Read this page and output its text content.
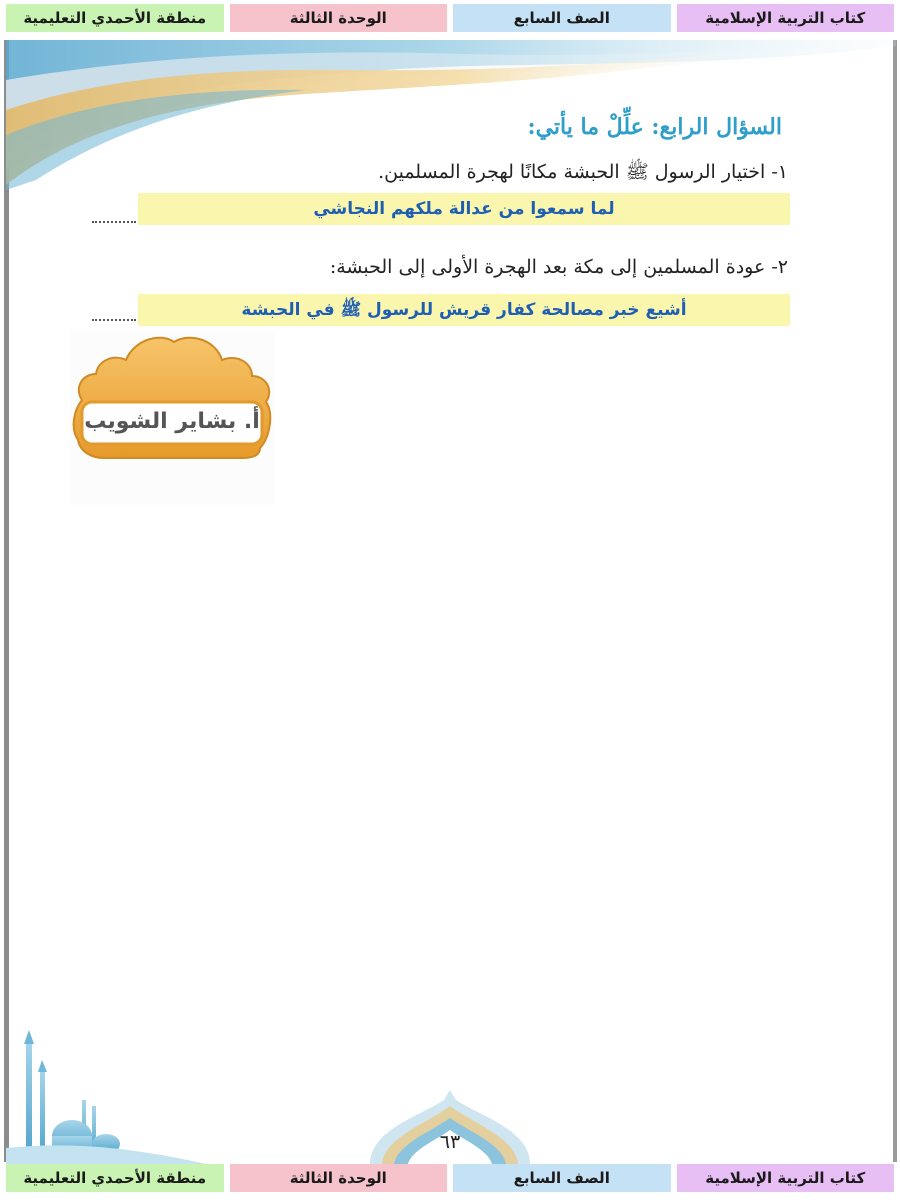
كتاب التربية الإسلامية
الصف السابع
الوحدة الثالثة
منطقة الأحمدي التعليمية
السؤال الرابع: علِّلْ ما يأتي:
١- اختيار الرسول ﷺ الحبشة مكانًا لهجرة المسلمين.
لما سمعوا من عدالة ملكهم النجاشي
٢- عودة المسلمين إلى مكة بعد الهجرة الأولى إلى الحبشة:
أشيع خبر مصالحة كفار قريش للرسول ﷺ في الحبشة
أ. بشاير الشويب
٦٣
كتاب التربية الإسلامية
الصف السابع
الوحدة الثالثة
منطقة الأحمدي التعليمية
